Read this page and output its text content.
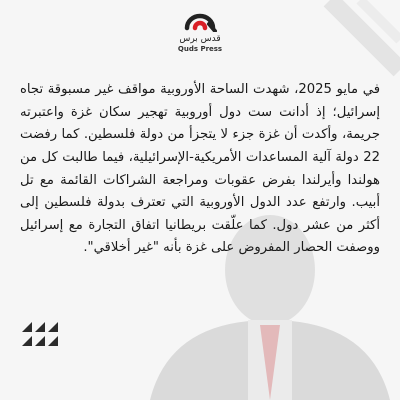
قدس برس
Quds Press

في مايو 2025، شهدت الساحة الأوروبية مواقف غير مسبوقة تجاه إسرائيل؛ إذ أدانت ست دول أوروبية تهجير سكان غزة واعتبرته جريمة، وأكدت أن غزة جزء لا يتجزأ من دولة فلسطين. كما رفضت 22 دولة آلية المساعدات الأمريكية-الإسرائيلية، فيما طالبت كل من هولندا وأيرلندا بفرض عقوبات ومراجعة الشراكات القائمة مع تل أبيب. وارتفع عدد الدول الأوروبية التي تعترف بدولة فلسطين إلى أكثر من عشر دول. كما علّقت بريطانيا اتفاق التجارة مع إسرائيل ووصفت الحصار المفروض على غزة بأنه "غير أخلاقي".
